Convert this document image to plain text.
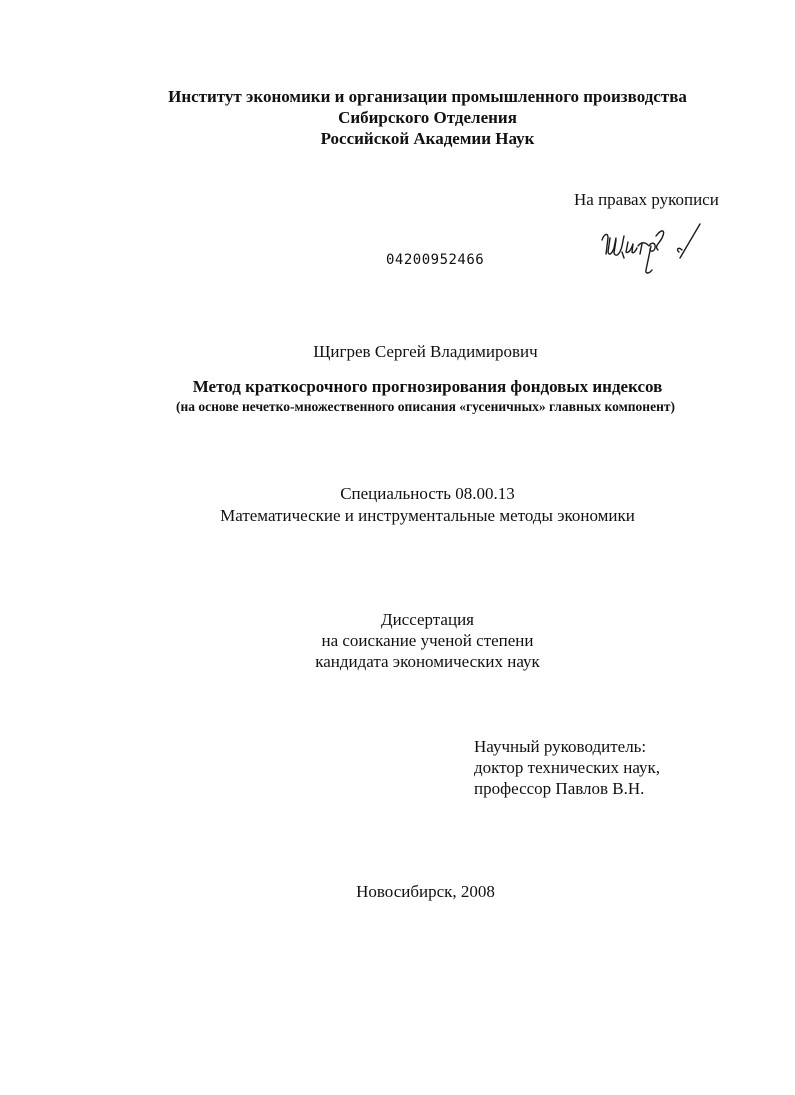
Институт экономики и организации промышленного производства
Сибирского Отделения
Российской Академии Наук
На правах рукописи
04200952466
Щигрев Сергей Владимирович
Метод краткосрочного прогнозирования фондовых индексов
(на основе нечетко-множественного описания «гусеничных» главных компонент)
Специальность 08.00.13
Математические и инструментальные методы экономики
Диссертация
на соискание ученой степени
кандидата экономических наук
Научный руководитель:
доктор технических наук,
профессор Павлов В.Н.
Новосибирск, 2008
